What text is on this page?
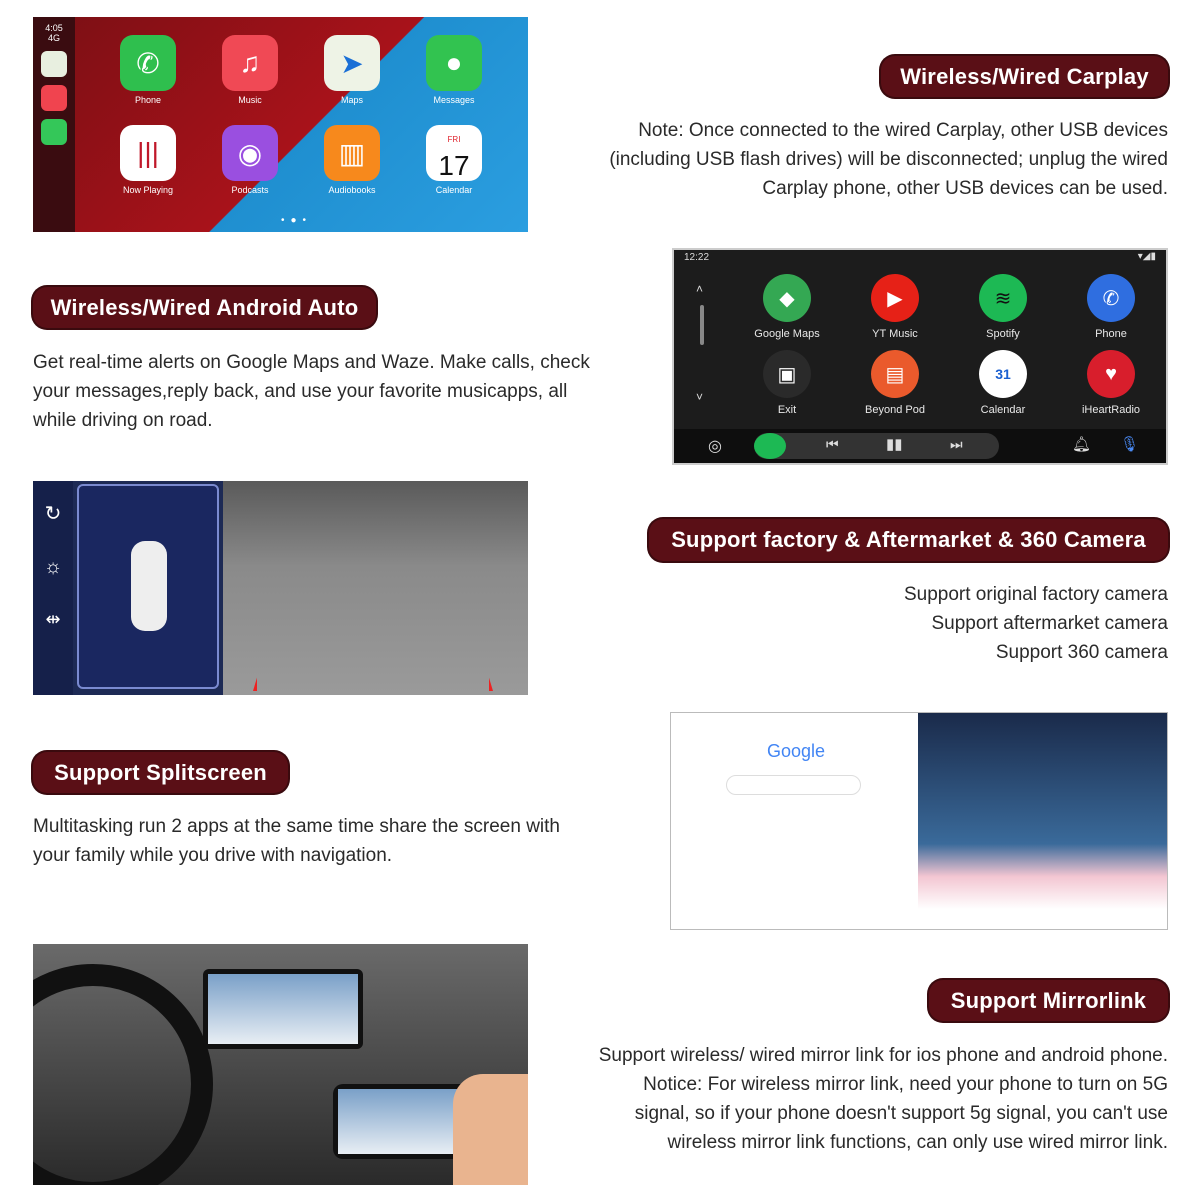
4:05
4G
✆
Phone
♫
Music
➤
Maps
●
Messages
|||
Now Playing
◉
Podcasts
▥
Audiobooks
FRI
17
Calendar
•●•
Wireless/Wired Carplay
Note: Once connected to the wired Carplay, other USB devices
(including USB flash drives) will be disconnected; unplug the wired
Carplay phone, other USB devices can be used.
Wireless/Wired Android Auto
Get real-time alerts on Google Maps and Waze. Make calls, check
your messages,reply back, and use your favorite musicapps, all
while driving on road.
12:22	▾◢▮
˄
˅
◆
Google Maps
▶
YT Music
≋
Spotify
✆
Phone
▣
Exit
▤
Beyond Pod
31
Calendar
♥
iHeartRadio
◎	⏮	▮▮	⏭	🔔︎ 🎙︎
↻
☼
⇹
Support factory & Aftermarket & 360 Camera
Support original factory camera
Support aftermarket camera
Support 360 camera
Google
Support Splitscreen
Multitasking run 2 apps at the same time share the screen with
your family while you drive with navigation.
Support Mirrorlink
Support wireless/ wired mirror link for ios phone and android phone.
Notice: For wireless mirror link, need your phone to turn on 5G
signal, so if your phone doesn't support 5g signal, you can't use
wireless mirror link functions, can only use wired mirror link.
